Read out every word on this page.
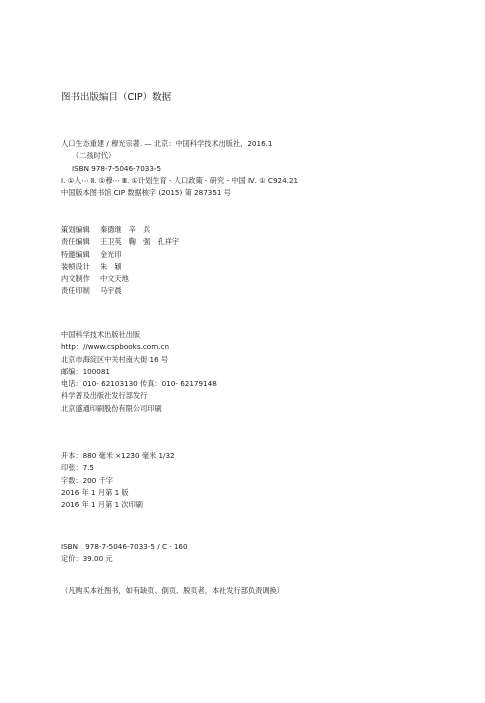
图书出版编目（CIP）数据
人口生态重建 / 穆光宗著. — 北京：中国科学技术出版社，2016.1
（二孩时代）
ISBN 978-7-5046-7033-5
Ⅰ. ①人⋯ Ⅱ. ①穆⋯ Ⅲ. ①计划生育 - 人口政策 - 研究 - 中国 Ⅳ. ① C924.21
中国版本图书馆 CIP 数据核字 (2015) 第 287351 号
策划编辑 秦德继　辛　兵
责任编辑 王卫英　鞠　强　孔祥宇
特邀编辑 金光印
装帧设计 朱　颖
内文制作 中文天地
责任印制 马宇晨
中国科学技术出版社出版
http：//www.cspbooks.com.cn
北京市海淀区中关村南大街 16 号
邮编：100081
电话：010- 62103130 传真：010- 62179148
科学普及出版社发行部发行
北京盛通印刷股份有限公司印刷
开本：880 毫米 ×1230 毫米 1/32
印张：7.5
字数：200 千字
2016 年 1 月第 1 版
2016 年 1 月第 1 次印刷
ISBN　978-7-5046-7033-5 / C · 160
定价：39.00 元
（凡购买本社图书，如有缺页、倒页、脱页者，本社发行部负责调换）
